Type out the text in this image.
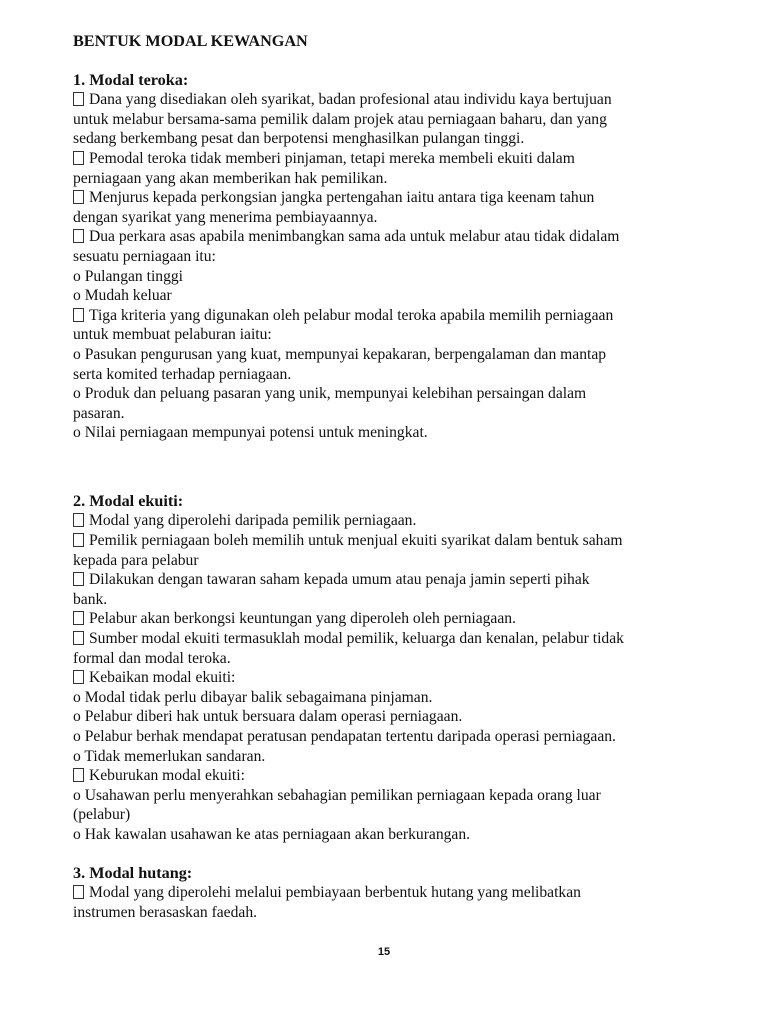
BENTUK MODAL KEWANGAN
1. Modal teroka:
Dana yang disediakan oleh syarikat, badan profesional atau individu kaya bertujuan
untuk melabur bersama-sama pemilik dalam projek atau perniagaan baharu, dan yang
sedang berkembang pesat dan berpotensi menghasilkan pulangan tinggi.
Pemodal teroka tidak memberi pinjaman, tetapi mereka membeli ekuiti dalam
perniagaan yang akan memberikan hak pemilikan.
Menjurus kepada perkongsian jangka pertengahan iaitu antara tiga keenam tahun
dengan syarikat yang menerima pembiayaannya.
Dua perkara asas apabila menimbangkan sama ada untuk melabur atau tidak didalam
sesuatu perniagaan itu:
o Pulangan tinggi
o Mudah keluar
Tiga kriteria yang digunakan oleh pelabur modal teroka apabila memilih perniagaan
untuk membuat pelaburan iaitu:
o Pasukan pengurusan yang kuat, mempunyai kepakaran, berpengalaman dan mantap
serta komited terhadap perniagaan.
o Produk dan peluang pasaran yang unik, mempunyai kelebihan persaingan dalam
pasaran.
o Nilai perniagaan mempunyai potensi untuk meningkat.
2. Modal ekuiti:
Modal yang diperolehi daripada pemilik perniagaan.
Pemilik perniagaan boleh memilih untuk menjual ekuiti syarikat dalam bentuk saham
kepada para pelabur
Dilakukan dengan tawaran saham kepada umum atau penaja jamin seperti pihak
bank.
Pelabur akan berkongsi keuntungan yang diperoleh oleh perniagaan.
Sumber modal ekuiti termasuklah modal pemilik, keluarga dan kenalan, pelabur tidak
formal dan modal teroka.
Kebaikan modal ekuiti:
o Modal tidak perlu dibayar balik sebagaimana pinjaman.
o Pelabur diberi hak untuk bersuara dalam operasi perniagaan.
o Pelabur berhak mendapat peratusan pendapatan tertentu daripada operasi perniagaan.
o Tidak memerlukan sandaran.
Keburukan modal ekuiti:
o Usahawan perlu menyerahkan sebahagian pemilikan perniagaan kepada orang luar
(pelabur)
o Hak kawalan usahawan ke atas perniagaan akan berkurangan.
3. Modal hutang:
Modal yang diperolehi melalui pembiayaan berbentuk hutang yang melibatkan
instrumen berasaskan faedah.
15
